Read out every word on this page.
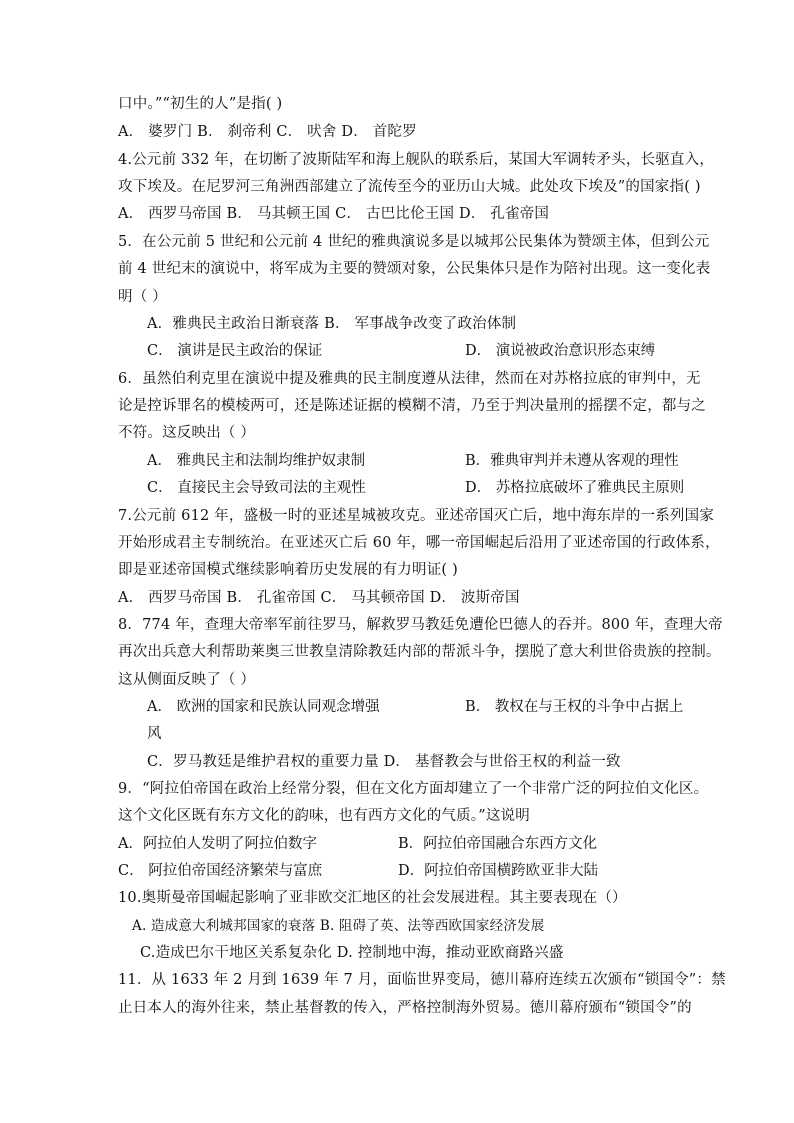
口中。”“初生的人”是指( )
A． 婆罗门 B． 刹帝利 C． 吠舍 D． 首陀罗
4.公元前 332 年，在切断了波斯陆军和海上舰队的联系后，某国大军调转矛头，长驱直入，
攻下埃及。在尼罗河三角洲西部建立了流传至今的亚历山大城。此处攻下埃及”的国家指( )
A． 西罗马帝国 B． 马其顿王国 C． 古巴比伦王国 D． 孔雀帝国
5．在公元前 5 世纪和公元前 4 世纪的雅典演说多是以城邦公民集体为赞颂主体，但到公元
前 4 世纪末的演说中，将军成为主要的赞颂对象，公民集体只是作为陪衬出现。这一变化表
明（ ）
A．雅典民主政治日渐衰落 B． 军事战争改变了政治体制
C． 演讲是民主政治的保证	D． 演说被政治意识形态束缚
6．虽然伯利克里在演说中提及雅典的民主制度遵从法律，然而在对苏格拉底的审判中，无
论是控诉罪名的模棱两可，还是陈述证据的模糊不清，乃至于判决量刑的摇摆不定，都与之
不符。这反映出（ ）
A． 雅典民主和法制均维护奴隶制	B．雅典审判并未遵从客观的理性
C． 直接民主会导致司法的主观性	D． 苏格拉底破坏了雅典民主原则
7.公元前 612 年，盛极一时的亚述星城被攻克。亚述帝国灭亡后，地中海东岸的一系列国家
开始形成君主专制统治。在亚述灭亡后 60 年，哪一帝国崛起后沿用了亚述帝国的行政体系，
即是亚述帝国模式继续影响着历史发展的有力明证( )
A． 西罗马帝国 B． 孔雀帝国 C． 马其顿帝国 D． 波斯帝国
8．774 年，查理大帝率军前往罗马，解救罗马教廷免遭伦巴德人的吞并。800 年，查理大帝
再次出兵意大利帮助莱奥三世教皇清除教廷内部的帮派斗争，摆脱了意大利世俗贵族的控制。
这从侧面反映了（ ）
A． 欧洲的国家和民族认同观念增强	B． 教权在与王权的斗争中占据上
风
C．罗马教廷是维护君权的重要力量 D． 基督教会与世俗王权的利益一致
9．“阿拉伯帝国在政治上经常分裂，但在文化方面却建立了一个非常广泛的阿拉伯文化区。
这个文化区既有东方文化的韵味，也有西方文化的气质。”这说明
A．阿拉伯人发明了阿拉伯数字	B．阿拉伯帝国融合东西方文化
C． 阿拉伯帝国经济繁荣与富庶	D．阿拉伯帝国横跨欧亚非大陆
10.奥斯曼帝国崛起影响了亚非欧交汇地区的社会发展进程。其主要表现在（）
A. 造成意大利城邦国家的衰落 B. 阻碍了英、法等西欧国家经济发展
C.造成巴尔干地区关系复杂化 D. 控制地中海，推动亚欧商路兴盛
11．从 1633 年 2 月到 1639 年 7 月，面临世界变局，德川幕府连续五次颁布“锁国令”：禁
止日本人的海外往来，禁止基督教的传入，严格控制海外贸易。德川幕府颁布“锁国令”的
